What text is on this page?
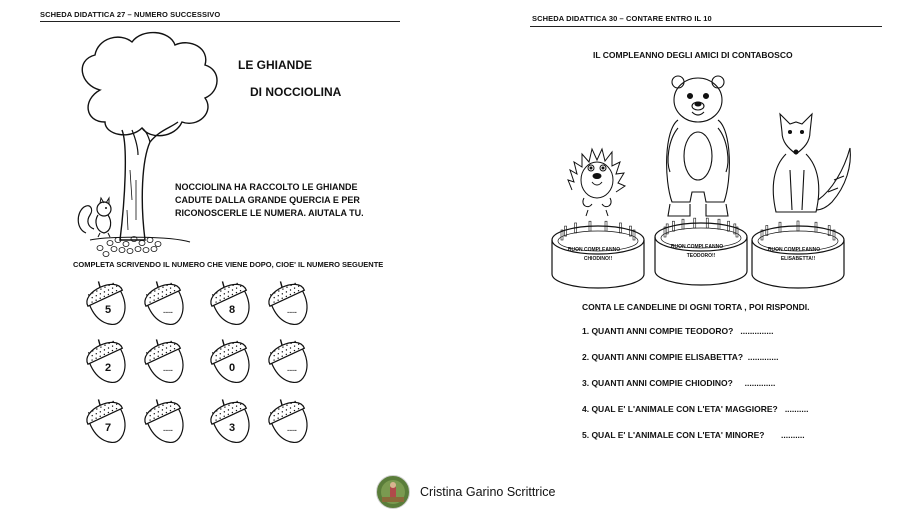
SCHEDA DIDATTICA 27 – NUMERO SUCCESSIVO
LE GHIANDE
DI NOCCIOLINA
NOCCIOLINA HA RACCOLTO LE GHIANDE
CADUTE DALLA GRANDE QUERCIA E PER
RICONOSCERLE LE NUMERA. AIUTALA TU.
COMPLETA SCRIVENDO IL NUMERO CHE VIENE DOPO, CIOE' IL NUMERO SEGUENTE
5	.....	8	.....
2	.....	0	.....
7	.....	3	.....
SCHEDA DIDATTICA 30 – CONTARE ENTRO IL 10
IL COMPLEANNO DEGLI AMICI DI CONTABOSCO
BUON COMPLEANNO
CHIODINO!!
BUON COMPLEANNO
TEODORO!!
BUON COMPLEANNO
ELISABETTA!!
CONTA LE CANDELINE DI OGNI TORTA , POI RISPONDI.
1. QUANTI ANNI COMPIE TEODORO? ..............
2. QUANTI ANNI COMPIE ELISABETTA? .............
3. QUANTI ANNI COMPIE CHIODINO? .............
4. QUAL E' L'ANIMALE CON L'ETA' MAGGIORE? ..........
5. QUAL E' L'ANIMALE CON L'ETA' MINORE? ..........
Cristina Garino Scrittrice
